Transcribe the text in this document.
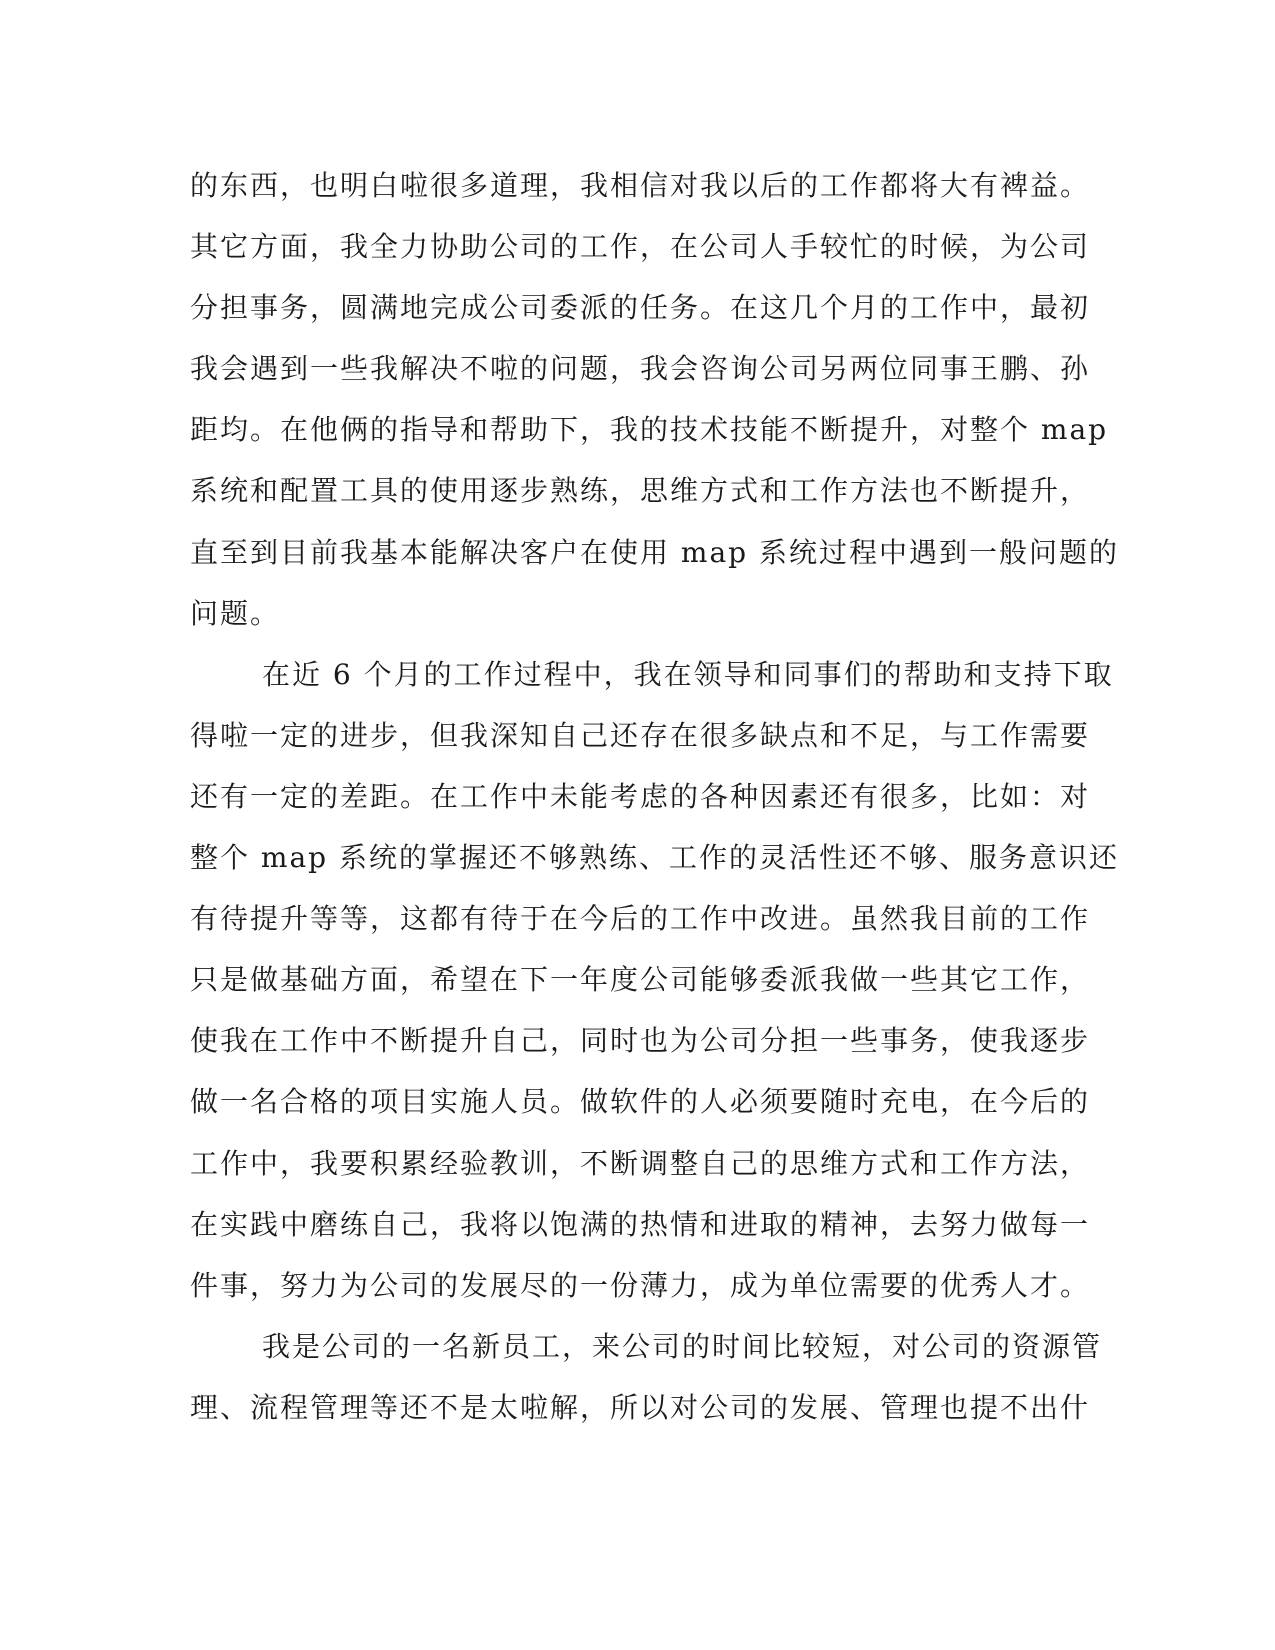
的东西，也明白啦很多道理，我相信对我以后的工作都将大有裨益。
其它方面，我全力协助公司的工作，在公司人手较忙的时候，为公司
分担事务，圆满地完成公司委派的任务。在这几个月的工作中，最初
我会遇到一些我解决不啦的问题，我会咨询公司另两位同事王鹏、孙
距均。在他俩的指导和帮助下，我的技术技能不断提升，对整个 map
系统和配置工具的使用逐步熟练，思维方式和工作方法也不断提升，
直至到目前我基本能解决客户在使用 map 系统过程中遇到一般问题的
问题。
在近 6 个月的工作过程中，我在领导和同事们的帮助和支持下取
得啦一定的进步，但我深知自己还存在很多缺点和不足，与工作需要
还有一定的差距。在工作中未能考虑的各种因素还有很多，比如：对
整个 map 系统的掌握还不够熟练、工作的灵活性还不够、服务意识还
有待提升等等，这都有待于在今后的工作中改进。虽然我目前的工作
只是做基础方面，希望在下一年度公司能够委派我做一些其它工作，
使我在工作中不断提升自己，同时也为公司分担一些事务，使我逐步
做一名合格的项目实施人员。做软件的人必须要随时充电，在今后的
工作中，我要积累经验教训，不断调整自己的思维方式和工作方法，
在实践中磨练自己，我将以饱满的热情和进取的精神，去努力做每一
件事，努力为公司的发展尽的一份薄力，成为单位需要的优秀人才。
我是公司的一名新员工，来公司的时间比较短，对公司的资源管
理、流程管理等还不是太啦解，所以对公司的发展、管理也提不出什
